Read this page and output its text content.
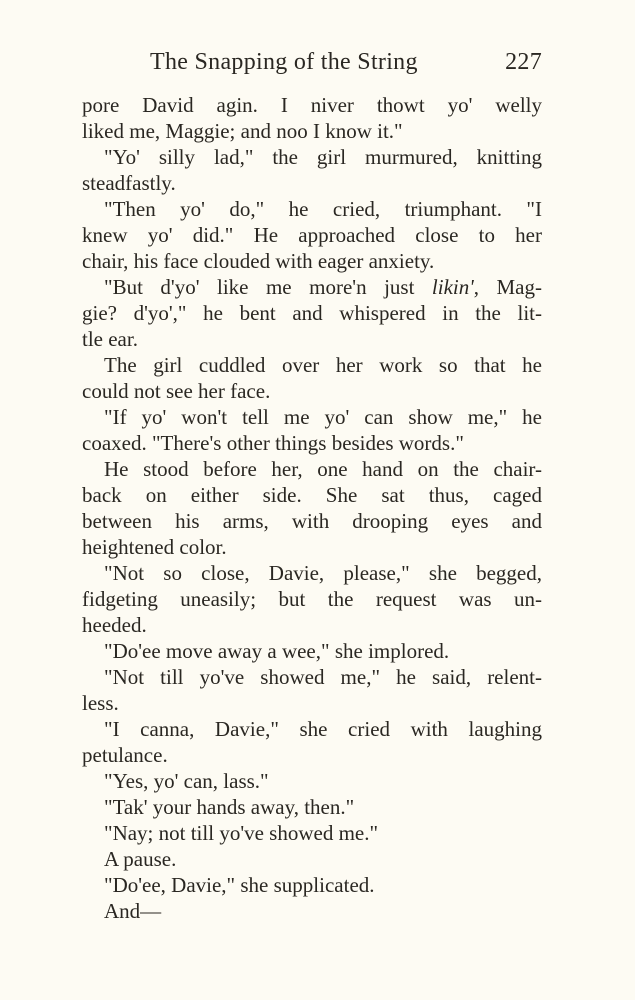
The Snapping of the String	227
pore David agin. I niver thowt yo' welly
liked me, Maggie; and noo I know it."
"Yo' silly lad," the girl murmured, knitting
steadfastly.
"Then yo' do," he cried, triumphant. "I
knew yo' did." He approached close to her
chair, his face clouded with eager anxiety.
"But d'yo' like me more'n just likin', Mag-
gie? d'yo'," he bent and whispered in the lit-
tle ear.
The girl cuddled over her work so that he
could not see her face.
"If yo' won't tell me yo' can show me," he
coaxed. "There's other things besides words."
He stood before her, one hand on the chair-
back on either side. She sat thus, caged
between his arms, with drooping eyes and
heightened color.
"Not so close, Davie, please," she begged,
fidgeting uneasily; but the request was un-
heeded.
"Do'ee move away a wee," she implored.
"Not till yo've showed me," he said, relent-
less.
"I canna, Davie," she cried with laughing
petulance.
"Yes, yo' can, lass."
"Tak' your hands away, then."
"Nay; not till yo've showed me."
A pause.
"Do'ee, Davie," she supplicated.
And—
